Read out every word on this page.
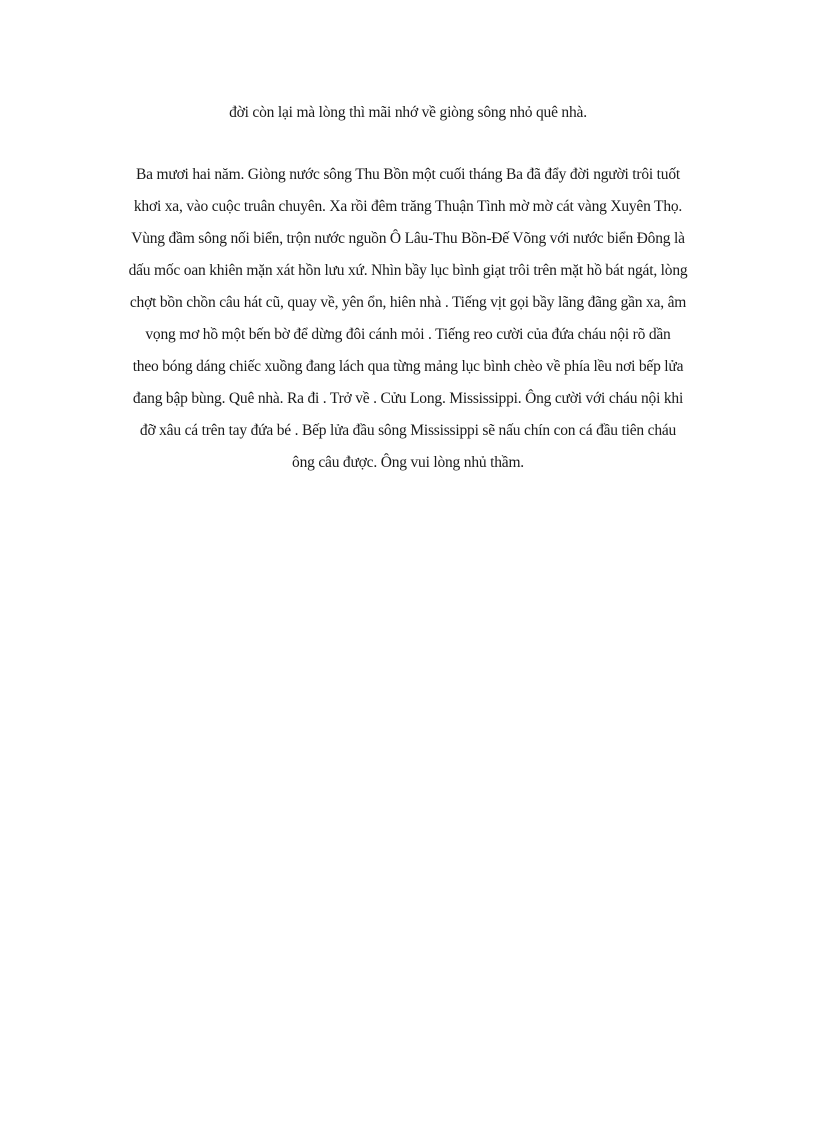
đời còn lại mà lòng thì mãi nhớ về giòng sông nhỏ quê nhà.
Ba mươi hai năm. Giòng nước sông Thu Bồn một cuối tháng Ba đã đẩy đời người trôi tuốt
khơi xa, vào cuộc truân chuyên. Xa rồi đêm trăng Thuận Tình mờ mờ cát vàng Xuyên Thọ.
Vùng đầm sông nối biển, trộn nước nguồn Ô Lâu-Thu Bồn-Đế Võng với nước biển Đông là
dấu mốc oan khiên mặn xát hồn lưu xứ. Nhìn bầy lục bình giạt trôi trên mặt hồ bát ngát, lòng
chợt bồn chồn câu hát cũ, quay về, yên ổn, hiên nhà . Tiếng vịt gọi bầy lãng đãng gần xa, âm
vọng mơ hồ một bến bờ để dừng đôi cánh mỏi . Tiếng reo cười của đứa cháu nội rõ dần
theo bóng dáng chiếc xuồng đang lách qua từng mảng lục bình chèo về phía lều nơi bếp lửa
đang bập bùng. Quê nhà. Ra đi . Trở về . Cửu Long. Mississippi. Ông cười với cháu nội khi
đỡ xâu cá trên tay đứa bé . Bếp lửa đầu sông Mississippi sẽ nấu chín con cá đầu tiên cháu
ông câu được. Ông vui lòng nhủ thầm.
